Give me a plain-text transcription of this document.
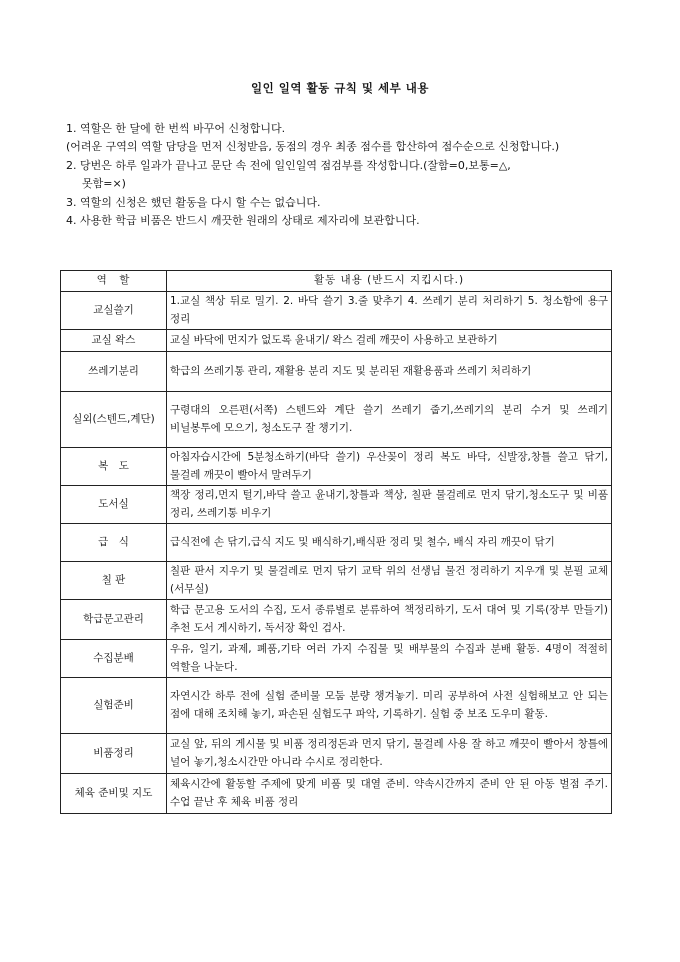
일인 일역 활동 규칙 및 세부 내용
1. 역할은 한 달에 한 번씩 바꾸어 신청합니다.
(어려운 구역의 역할 담당을 먼저 신청받음, 동점의 경우 최종 점수를 합산하여 점수순으로 신청합니다.)
2. 당번은 하루 일과가 끝나고 문단 속 전에 일인일역 점검부를 작성합니다.(잘함=0,보통=△,
못함=×)
3. 역할의 신청은 했던 활동을 다시 할 수는 없습니다.
4. 사용한 학급 비품은 반드시 깨끗한 원래의 상태로 제자리에 보관합니다.
역　할	활동 내용 (반드시 지킵시다.)
교실쓸기	1.교실 책상 뒤로 밀기. 2. 바닥 쓸기 3.줄 맞추기 4. 쓰레기 분리 처리하기 5. 청소함에 용구 정리
교실 왁스	교실 바닥에 먼지가 없도록 윤내기/ 왁스 걸레 깨끗이 사용하고 보관하기
쓰레기분리	학급의 쓰레기통 관리, 재활용 분리 지도 및 분리된 재활용품과 쓰레기 처리하기
실외(스텐드,계단)	구령대의 오른편(서쪽) 스텐드와 계단 쓸기 쓰레기 줍기,쓰레기의 분리 수거 및 쓰레기 비닐봉투에 모으기, 청소도구 잘 챙기기.
복　도	아침자습시간에 5분청소하기(바닥 쓸기) 우산꽂이 정리 복도 바닥, 신발장,창틀 쓸고 닦기, 물걸레 깨끗이 빨아서 말려두기
도서실	책장 정리,먼지 털기,바닥 쓸고 윤내기,창틀과 책상, 칠판 물걸레로 먼지 닦기,청소도구 및 비품 정리, 쓰레기통 비우기
급　식	급식전에 손 닦기,급식 지도 및 배식하기,배식판 정리 및 철수, 배식 자리 깨끗이 닦기
칠 판	칠판 판서 지우기 및 물걸레로 먼지 닦기 교탁 위의 선생님 물건 정리하기 지우개 및 분필 교체(서무실)
학급문고관리	학급 문고용 도서의 수집, 도서 종류별로 분류하여 책정리하기, 도서 대여 및 기록(장부 만들기) 추천 도서 게시하기, 독서장 확인 검사.
수집분배	우유, 일기, 과제, 폐품,기타 여러 가지 수집물 및 배부물의 수집과 분배 활동. 4명이 적절히 역할을 나눈다.
실험준비	자연시간 하루 전에 실험 준비물 모둠 분량 챙겨놓기. 미리 공부하여 사전 실험해보고 안 되는 점에 대해 조치해 놓기, 파손된 실험도구 파악, 기록하기. 실험 중 보조 도우미 활동.
비품정리	교실 앞, 뒤의 게시물 및 비품 정리정돈과 먼지 닦기, 물걸레 사용 잘 하고 깨끗이 빨아서 창틀에 널어 놓기,청소시간만 아니라 수시로 정리한다.
체육 준비및 지도	체육시간에 활동할 주제에 맞게 비품 및 대열 준비. 약속시간까지 준비 안 된 아동 벌점 주기. 수업 끝난 후 체육 비품 정리
